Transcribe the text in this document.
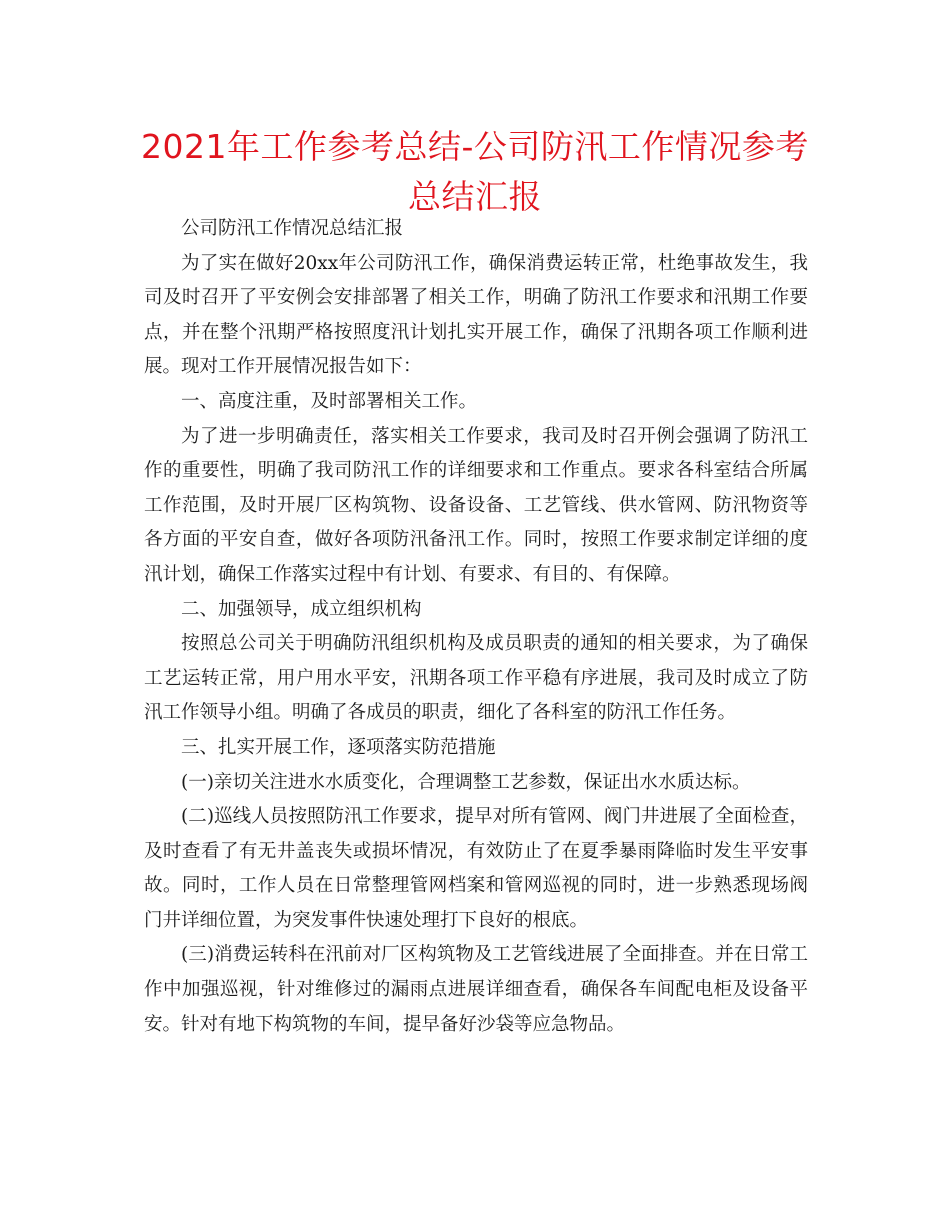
2021年工作参考总结-公司防汛工作情况参考总结汇报

公司防汛工作情况总结汇报

为了实在做好20xx年公司防汛工作，确保消费运转正常，杜绝事故发生，我司及时召开了平安例会安排部署了相关工作，明确了防汛工作要求和汛期工作要点，并在整个汛期严格按照度汛计划扎实开展工作，确保了汛期各项工作顺利进展。现对工作开展情况报告如下：

一、高度注重，及时部署相关工作。

为了进一步明确责任，落实相关工作要求，我司及时召开例会强调了防汛工作的重要性，明确了我司防汛工作的详细要求和工作重点。要求各科室结合所属工作范围，及时开展厂区构筑物、设备设备、工艺管线、供水管网、防汛物资等各方面的平安自查，做好各项防汛备汛工作。同时，按照工作要求制定详细的度汛计划，确保工作落实过程中有计划、有要求、有目的、有保障。

二、加强领导，成立组织机构

按照总公司关于明确防汛组织机构及成员职责的通知的相关要求，为了确保工艺运转正常，用户用水平安，汛期各项工作平稳有序进展，我司及时成立了防汛工作领导小组。明确了各成员的职责，细化了各科室的防汛工作任务。

三、扎实开展工作，逐项落实防范措施

(一)亲切关注进水水质变化，合理调整工艺参数，保证出水水质达标。

(二)巡线人员按照防汛工作要求，提早对所有管网、阀门井进展了全面检查，及时查看了有无井盖丧失或损坏情况，有效防止了在夏季暴雨降临时发生平安事故。同时，工作人员在日常整理管网档案和管网巡视的同时，进一步熟悉现场阀门井详细位置，为突发事件快速处理打下良好的根底。

(三)消费运转科在汛前对厂区构筑物及工艺管线进展了全面排查。并在日常工作中加强巡视，针对维修过的漏雨点进展详细查看，确保各车间配电柜及设备平安。针对有地下构筑物的车间，提早备好沙袋等应急物品。
